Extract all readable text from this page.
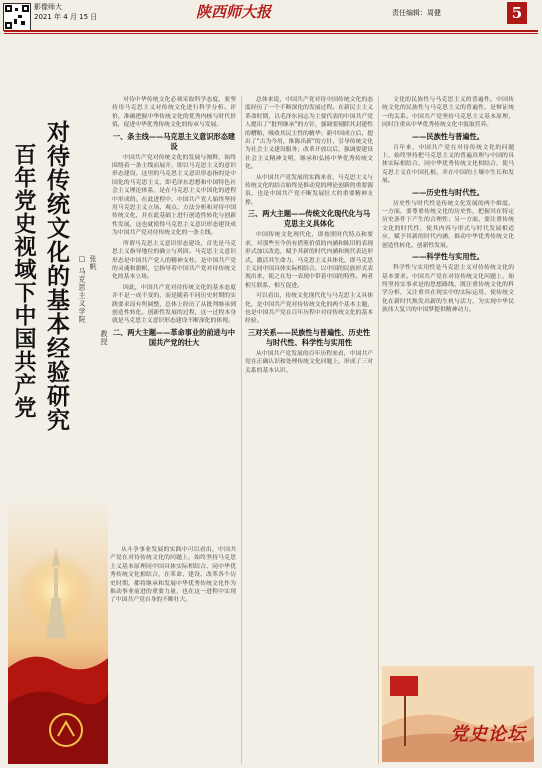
影像师大
2021 年 4 月 15 日	陕西师大报	责任编辑：周健	5
对待传统文化的基本经验研究
百年党史视域下中国共产党	□ 马克思主义学院 张帆
教授

对待中华传统文化必须采取科学态度。要坚持用马克思主义对传统文化进行科学分析、评价，准确把握中华传统文化的优秀内核与时代价值，促进中华优秀传统文化的传承与发展。

一、条主线——马克思主义意识形态建设

中国共产党对传统文化的发展与阐释，始终围绕着一条主线而展开，即以马克思主义的意识形态建设。这里的马克思主义意识形态指的是中国化的马克思主义，即毛泽东思想和中国特色社会主义理论体系，是在马克思主义中国化的进程中形成的。在此进程中，中国共产党人始终坚持用马克思主义立场、观点、方法分析和对待中国传统文化，并在此基础上进行创造性转化与创新性发展，这也就使得马克思主义意识形态建设成为中国共产党对待传统文化的一条主线。

所谓马克思主义意识形态建设，首先是马克思主义指导地位的确立与巩固。马克思主义意识形态是中国共产党人的精神支柱，是中国共产党的灵魂和旗帜，它指导着中国共产党对待传统文化的基本立场。

因此，中国共产党对待传统文化的基本态度并不是一成不变的，而是随着不同历史时期的实践要求而有所调整，总体上经历了从批判继承到创造性转化、创新性发展的过程，这一过程本身就是马克思主义意识形态建设不断深化的体现。

二、两大主题——革命事业的前进与中国共产党的壮大

从斗争事业发展的实践中可以看出，中国共产党在对待传统文化的问题上，始终坚持马克思主义基本原理同中国具体实际相结合、同中华优秀传统文化相结合，在革命、建设、改革各个历史时期，都将继承和发展中华优秀传统文化作为推动事业前进的重要力量，也在这一进程中实现了中国共产党自身的不断壮大。

总体来说，中国共产党对待中国传统文化的态度经历了一个不断深化的发展过程。在新民主主义革命时期，以毛泽东同志为主要代表的中国共产党人提出了“批判继承”的方针，强调要剔除其封建性的糟粕，吸收其民主性的精华；新中国成立后，提出了“古为今用，推陈出新”的方针，引导传统文化为社会主义建设服务；改革开放以后，强调要建设社会主义精神文明，继承和弘扬中华优秀传统文化。

从中国共产党发展的实践来看，马克思主义与传统文化的结合始终是推动党的理论创新的重要源泉，也是中国共产党不断发展壮大的重要精神支撑。

三、两大主题——传统文化现代化与马克思主义具体化

中国传统文化现代化，即按照时代特点和要求，对那些至今仍有借鉴价值的内涵和陈旧的表现形式加以改造，赋予其新的时代内涵和现代表达形式，激活其生命力。马克思主义具体化，即马克思主义同中国具体实际相结合，以中国的民族形式表现出来，使之在每一表现中带着中国的特性。两者相互联系、相互促进。

可以看出，传统文化现代化与马克思主义具体化，是中国共产党对待传统文化的两个基本主题，也是中国共产党在百年历程中对待传统文化的基本经验。

三对关系——民族性与普遍性、历史性与时代性、科学性与实用性

从中国共产党发展的百年历程来看，中国共产党在正确认识和处理传统文化问题上，形成了三对关系的基本认识。

文化的民族性与马克思主义的普遍性。中国传统文化的民族性与马克思主义的普遍性，是辩证统一的关系。中国共产党坚持马克思主义基本原理，同时注重从中华优秀传统文化中汲取营养。

——民族性与普遍性。

百年来，中国共产党在对待传统文化的问题上，始终坚持把马克思主义的普遍真理与中国的具体实际相结合，同中华优秀传统文化相结合，使马克思主义在中国扎根，并在中国的土壤中生长和发展。

——历史性与时代性。

历史性与时代性是传统文化发展的两个维度。一方面，要尊重传统文化的历史性，把握其在特定历史条件下产生的合理性；另一方面，要注重传统文化的时代性，使其内容与形式与时代发展相适应，赋予其新的时代内涵，推动中华优秀传统文化创造性转化、创新性发展。

——科学性与实用性。

科学性与实用性是马克思主义对待传统文化的基本要求。中国共产党在对待传统文化问题上，始终坚持实事求是的思想路线，既注重传统文化的科学分析，又注重其在现实中的实际运用，使传统文化在新时代焕发出新的生机与活力，为实现中华民族伟大复兴的中国梦提供精神动力。

党史论坛
